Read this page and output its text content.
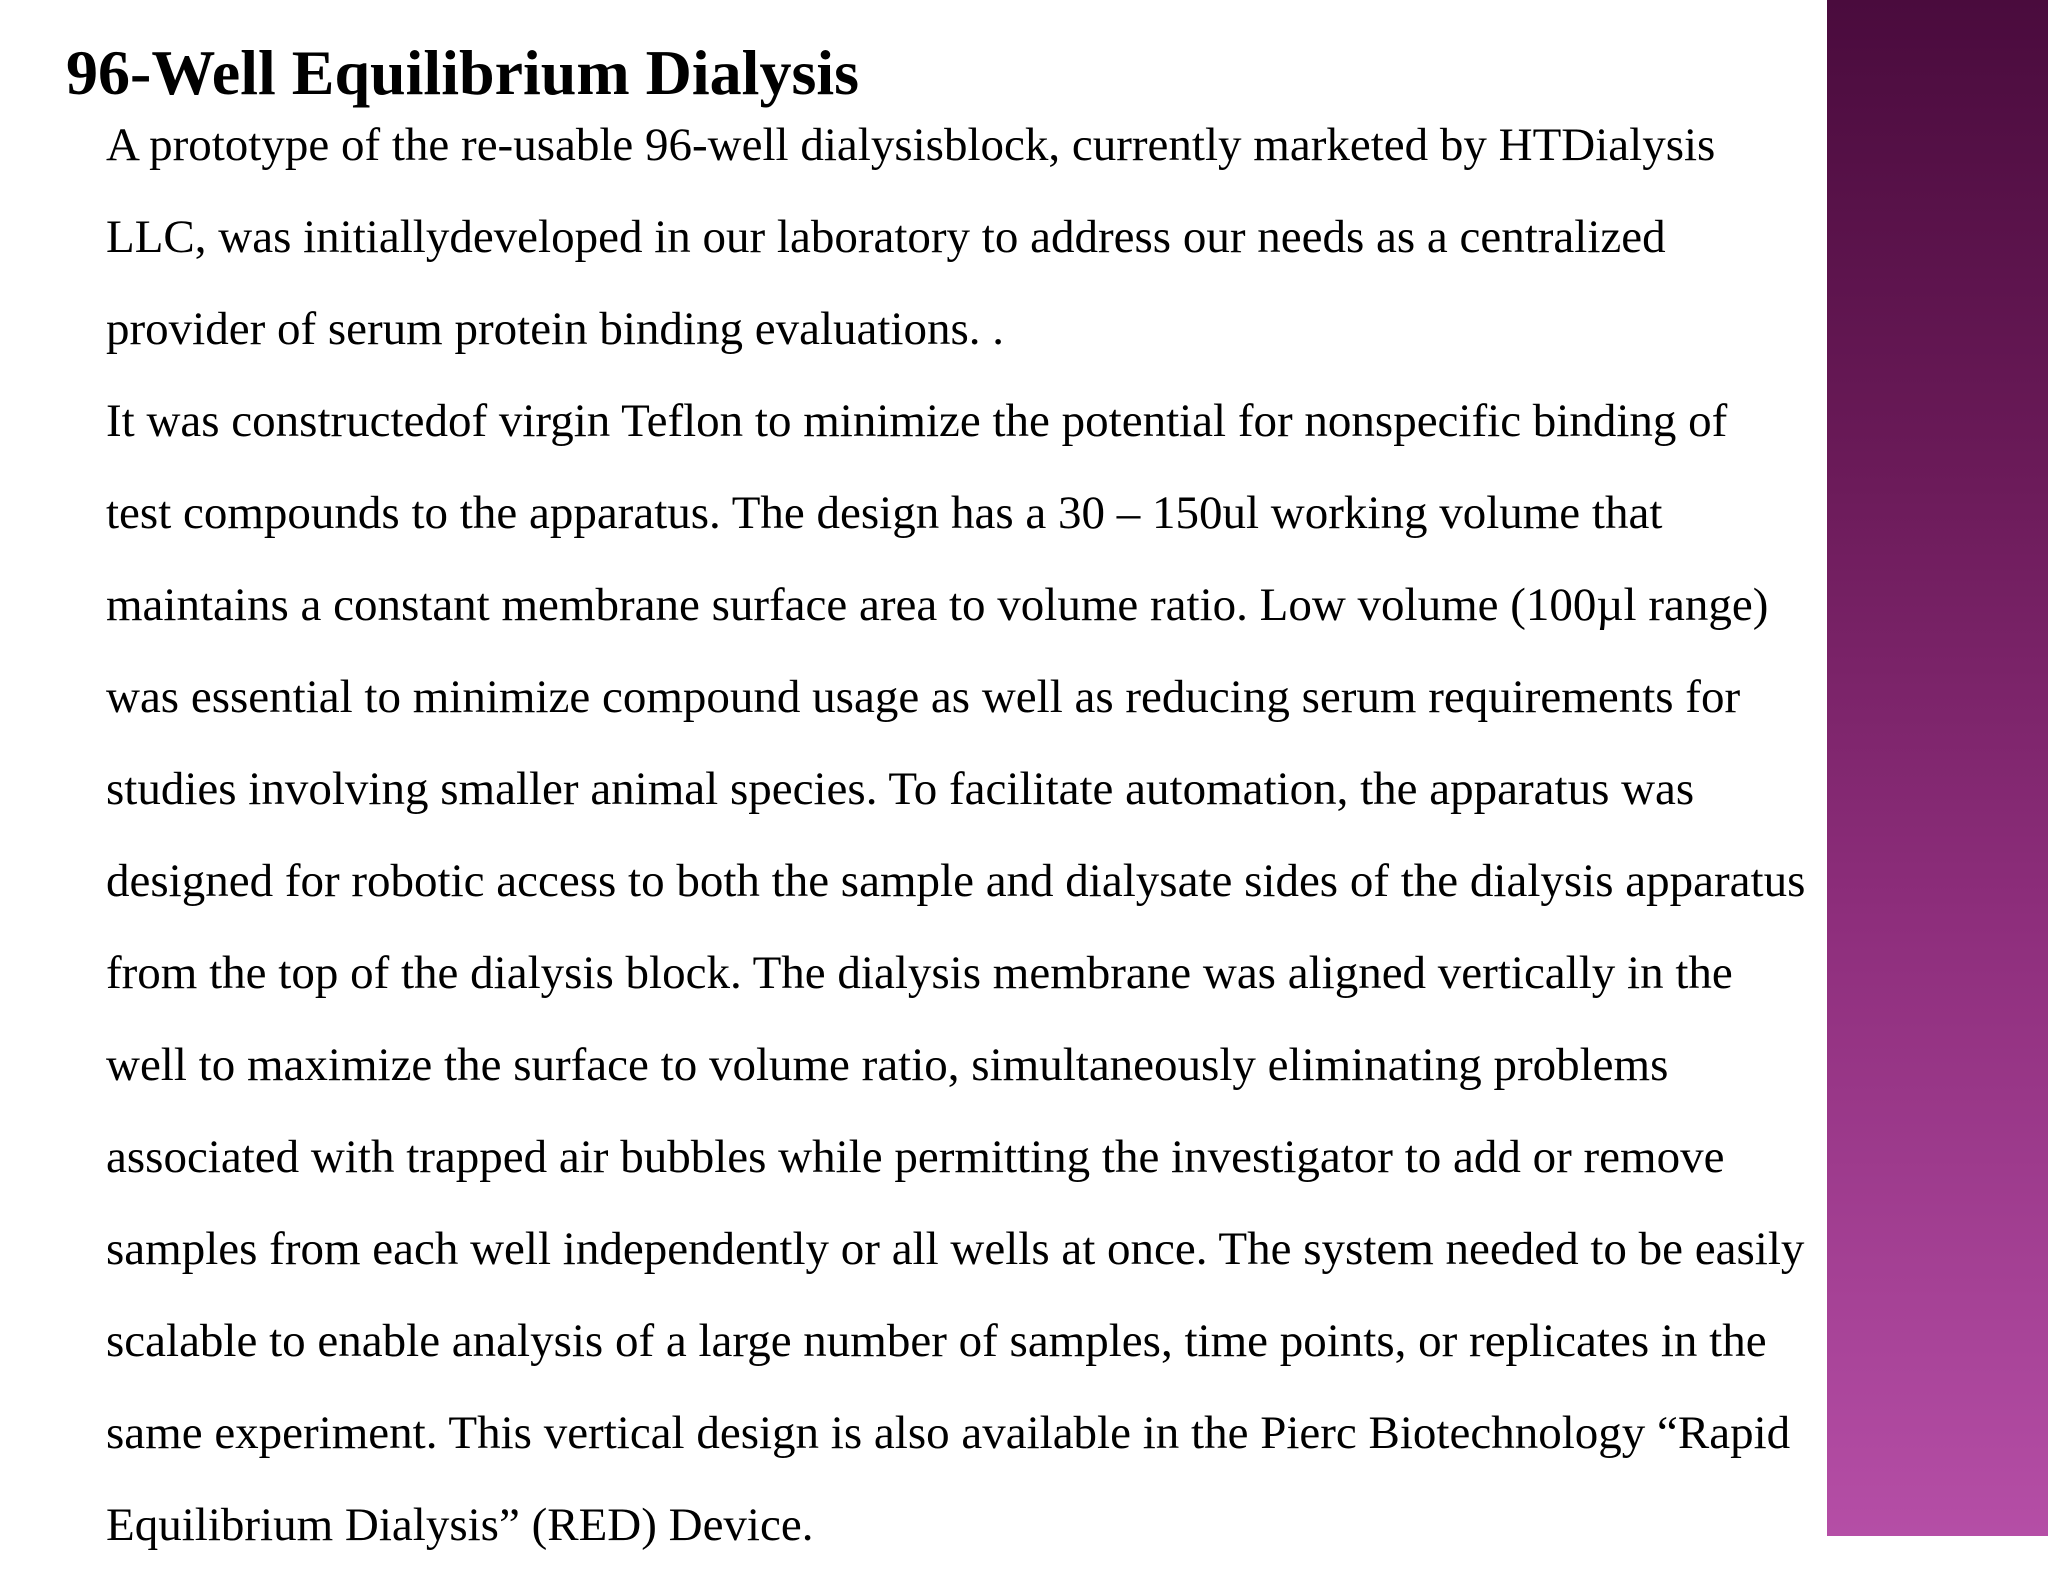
96-Well Equilibrium Dialysis
A prototype of the re-usable 96-well dialysisblock, currently marketed by HTDialysis
LLC, was initiallydeveloped in our laboratory to address our needs as a centralized
provider of serum protein binding evaluations. .
It was constructedof virgin Teflon to minimize the potential for nonspecific binding of
test compounds to the apparatus. The design has a 30 – 150ul working volume that
maintains a constant membrane surface area to volume ratio. Low volume (100µl range)
was essential to minimize compound usage as well as reducing serum requirements for
studies involving smaller animal species. To facilitate automation, the apparatus was
designed for robotic access to both the sample and dialysate sides of the dialysis apparatus
from the top of the dialysis block. The dialysis membrane was aligned vertically in the
well to maximize the surface to volume ratio, simultaneously eliminating problems
associated with trapped air bubbles while permitting the investigator to add or remove
samples from each well independently or all wells at once. The system needed to be easily
scalable to enable analysis of a large number of samples, time points, or replicates in the
same experiment. This vertical design is also available in the Pierc Biotechnology “Rapid
Equilibrium Dialysis” (RED) Device.
